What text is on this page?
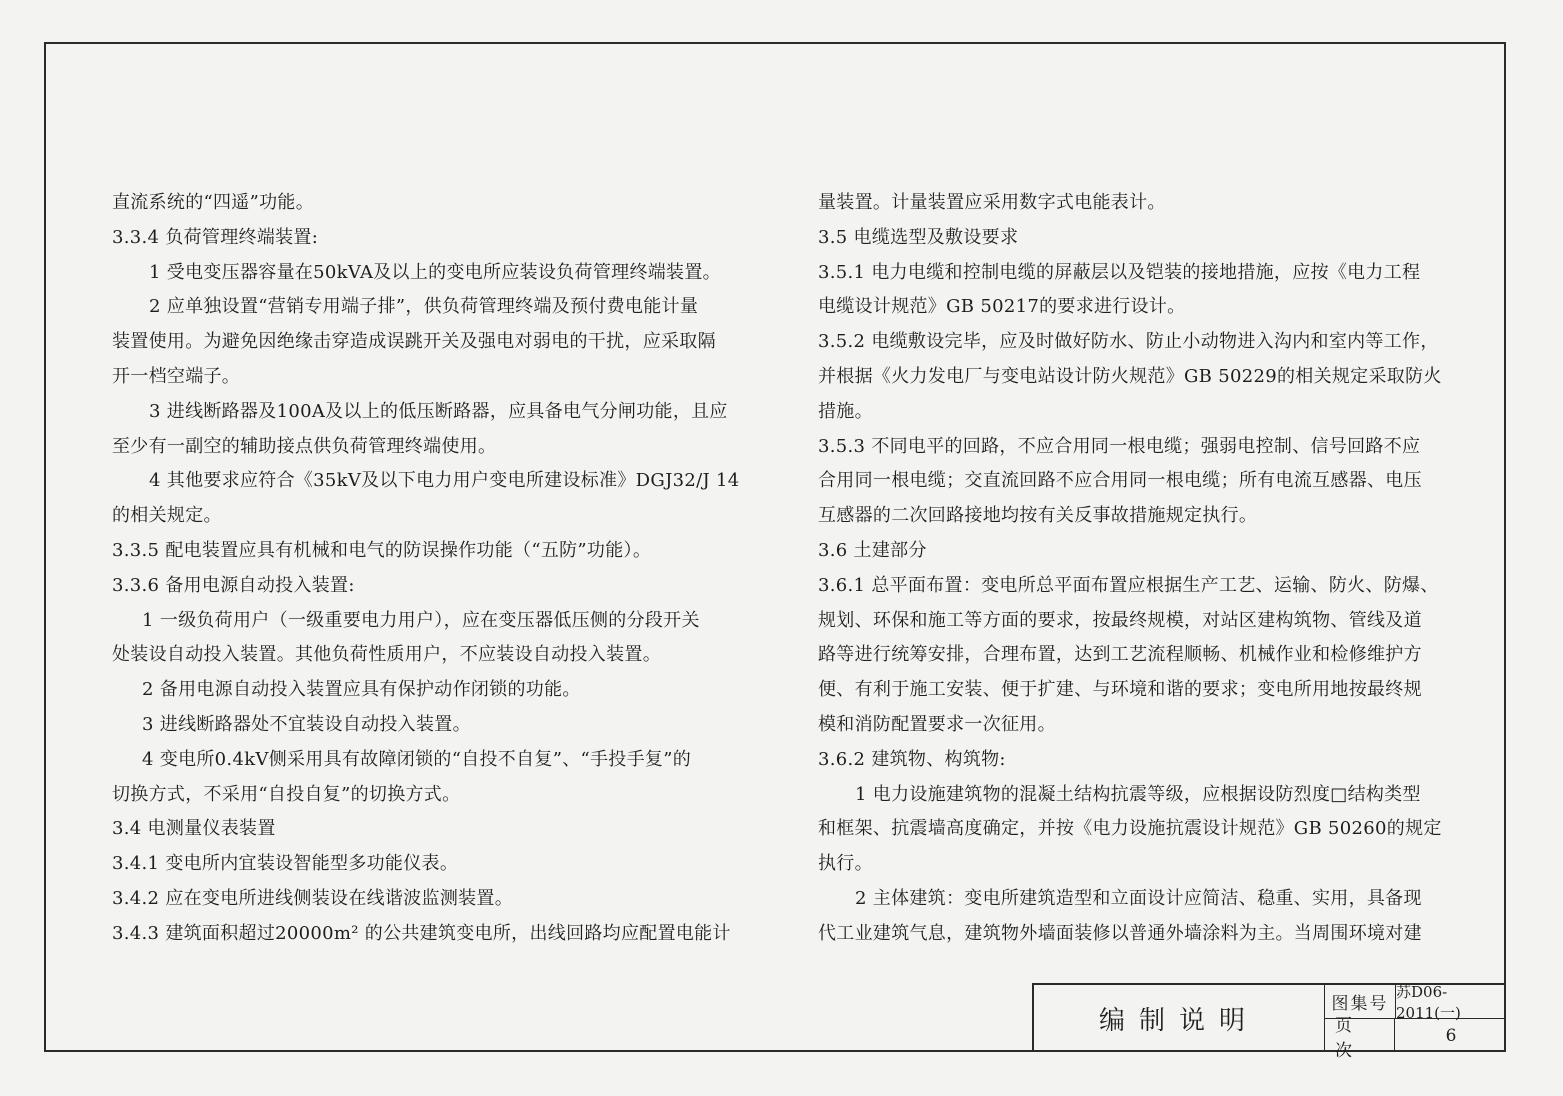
直流系统的“四遥”功能。
3.3.4 负荷管理终端装置:
1 受电变压器容量在50kVA及以上的变电所应装设负荷管理终端装置。
2 应单独设置“营销专用端子排”，供负荷管理终端及预付费电能计量
装置使用。为避免因绝缘击穿造成误跳开关及强电对弱电的干扰，应采取隔
开一档空端子。
3 进线断路器及100A及以上的低压断路器，应具备电气分闸功能，且应
至少有一副空的辅助接点供负荷管理终端使用。
4 其他要求应符合《35kV及以下电力用户变电所建设标准》DGJ32/J 14
的相关规定。
3.3.5 配电装置应具有机械和电气的防误操作功能（“五防”功能）。
3.3.6 备用电源自动投入装置:
1 一级负荷用户（一级重要电力用户），应在变压器低压侧的分段开关
处装设自动投入装置。其他负荷性质用户，不应装设自动投入装置。
2 备用电源自动投入装置应具有保护动作闭锁的功能。
3 进线断路器处不宜装设自动投入装置。
4 变电所0.4kV侧采用具有故障闭锁的“自投不自复”、“手投手复”的
切换方式，不采用“自投自复”的切换方式。
3.4 电测量仪表装置
3.4.1 变电所内宜装设智能型多功能仪表。
3.4.2 应在变电所进线侧装设在线谐波监测装置。
3.4.3 建筑面积超过20000m² 的公共建筑变电所，出线回路均应配置电能计
量装置。计量装置应采用数字式电能表计。
3.5 电缆选型及敷设要求
3.5.1 电力电缆和控制电缆的屏蔽层以及铠装的接地措施，应按《电力工程
电缆设计规范》GB 50217的要求进行设计。
3.5.2 电缆敷设完毕，应及时做好防水、防止小动物进入沟内和室内等工作，
并根据《火力发电厂与变电站设计防火规范》GB 50229的相关规定采取防火
措施。
3.5.3 不同电平的回路，不应合用同一根电缆；强弱电控制、信号回路不应
合用同一根电缆；交直流回路不应合用同一根电缆；所有电流互感器、电压
互感器的二次回路接地均按有关反事故措施规定执行。
3.6 土建部分
3.6.1 总平面布置：变电所总平面布置应根据生产工艺、运输、防火、防爆、
规划、环保和施工等方面的要求，按最终规模，对站区建构筑物、管线及道
路等进行统筹安排，合理布置，达到工艺流程顺畅、机械作业和检修维护方
便、有利于施工安装、便于扩建、与环境和谐的要求；变电所用地按最终规
模和消防配置要求一次征用。
3.6.2 建筑物、构筑物:
1 电力设施建筑物的混凝土结构抗震等级，应根据设防烈度□结构类型
和框架、抗震墙高度确定，并按《电力设施抗震设计规范》GB 50260的规定
执行。
2 主体建筑：变电所建筑造型和立面设计应简洁、稳重、实用，具备现
代工业建筑气息，建筑物外墙面装修以普通外墙涂料为主。当周围环境对建
编制说明
图集号
苏D06-2011(一)
页次
6
